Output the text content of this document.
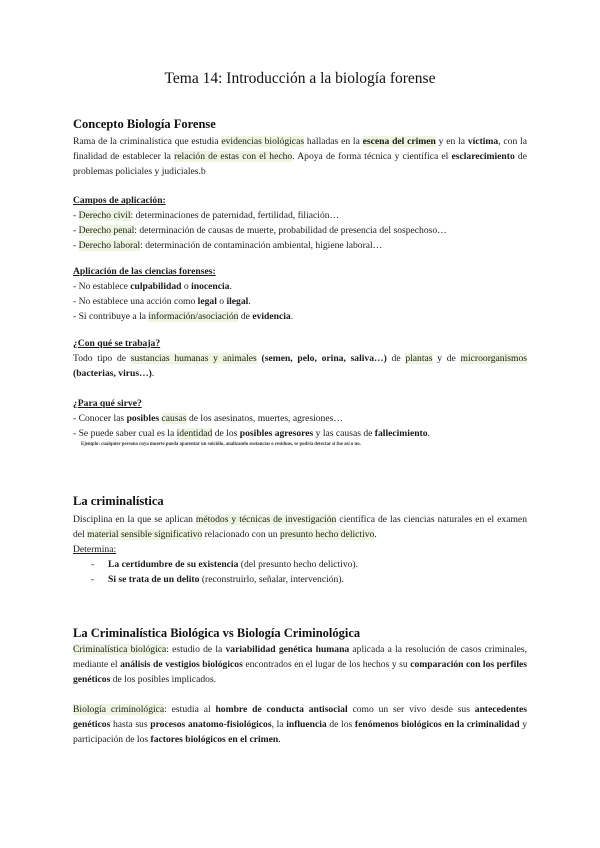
Tema 14: Introducción a la biología forense

Concepto Biología Forense

Rama de la criminalística que estudia evidencias biológicas halladas en la escena del crimen y en la víctima, con la finalidad de establecer la relación de estas con el hecho. Apoya de forma técnica y científica el esclarecimiento de problemas policiales y judiciales.b

Campos de aplicación:

- Derecho civil: determinaciones de paternidad, fertilidad, filiación…

- Derecho penal: determinación de causas de muerte, probabilidad de presencia del sospechoso…

- Derecho laboral: determinación de contaminación ambiental, higiene laboral…

Aplicación de las ciencias forenses:

- No establece culpabilidad o inocencia.

- No establece una acción como legal o ilegal.

- Si contribuye a la información/asociación de evidencia.

¿Con qué se trabaja?

Todo tipo de sustancias humanas y animales (semen, pelo, orina, saliva…) de plantas y de microorganismos (bacterias, virus…).

¿Para qué sirve?

- Conocer las posibles causas de los asesinatos, muertes, agresiones…

- Se puede saber cual es la identidad de los posibles agresores y las causas de fallecimiento.

Ejemplo: cualquier persona cuya muerte pueda aparentar un suicidio, analizando sustancias o residuos, se podría detectar si fue así o no.

La criminalística

Disciplina en la que se aplican métodos y técnicas de investigación científica de las ciencias naturales en el examen del material sensible significativo relacionado con un presunto hecho delictivo.

Determina:

- La certidumbre de su existencia (del presunto hecho delictivo).

- Si se trata de un delito (reconstruirlo, señalar, intervención).

La Criminalística Biológica vs Biología Criminológica

Criminalística biológica: estudio de la variabilidad genética humana aplicada a la resolución de casos criminales, mediante el análisis de vestigios biológicos encontrados en el lugar de los hechos y su comparación con los perfiles genéticos de los posibles implicados.

Biología criminológica: estudia al hombre de conducta antisocial como un ser vivo desde sus antecedentes genéticos hasta sus procesos anatomo-fisiológicos, la influencia de los fenómenos biológicos en la criminalidad y participación de los factores biológicos en el crimen.
